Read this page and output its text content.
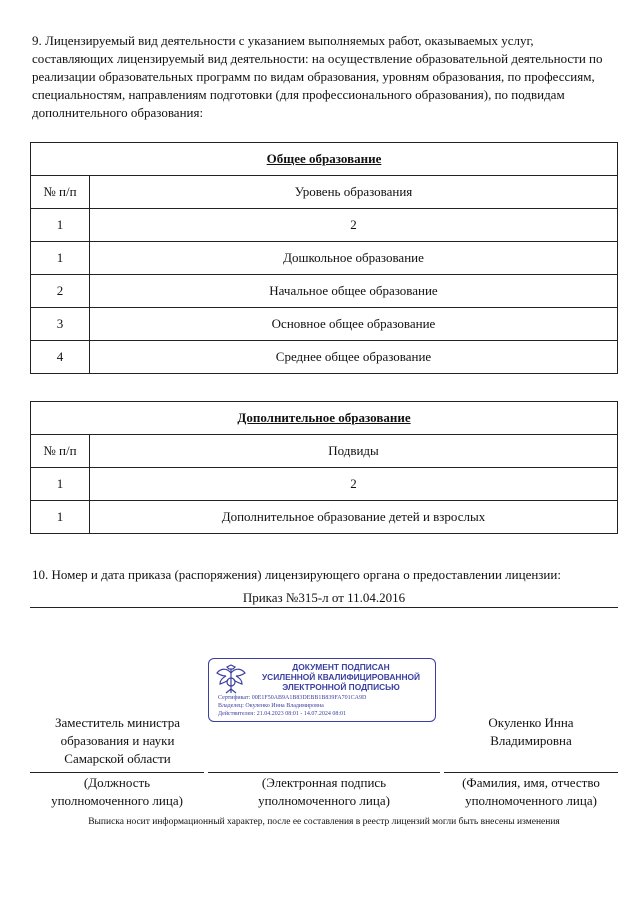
9. Лицензируемый вид деятельности с указанием выполняемых работ, оказываемых услуг, составляющих лицензируемый вид деятельности: на осуществление образовательной деятельности по реализации образовательных программ по видам образования, уровням образования, по профессиям, специальностям, направлениям подготовки (для профессионального образования), по подвидам дополнительного образования:
Общее образование	
№ п/п	Уровень образования
1	2
1	Дошкольное образование
2	Начальное общее образование
3	Основное общее образование
4	Среднее общее образование
Дополнительное образование	
№ п/п	Подвиды
1	2
1	Дополнительное образование детей и взрослых
10. Номер и дата приказа (распоряжения) лицензирующего органа о предоставлении лицензии:
Приказ №315-л от 11.04.2016
ДОКУМЕНТ ПОДПИСАН
УСИЛЕННОЙ КВАЛИФИЦИРОВАННОЙ
ЭЛЕКТРОННОЙ ПОДПИСЬЮ
Сертификат: 00E1F50AB9A1B83DEBB1B839FA701CA9D
Владелец: Окуленко Инна Владимировна
Действителен: 21.04.2023 08:01 - 14.07.2024 08:01
Заместитель министра
образования и науки
Самарской области
Окуленко Инна
Владимировна
(Должность
уполномоченного лица)
(Электронная подпись
уполномоченного лица)
(Фамилия, имя, отчество
уполномоченного лица)
Выписка носит информационный характер, после ее составления в реестр лицензий могли быть внесены изменения
